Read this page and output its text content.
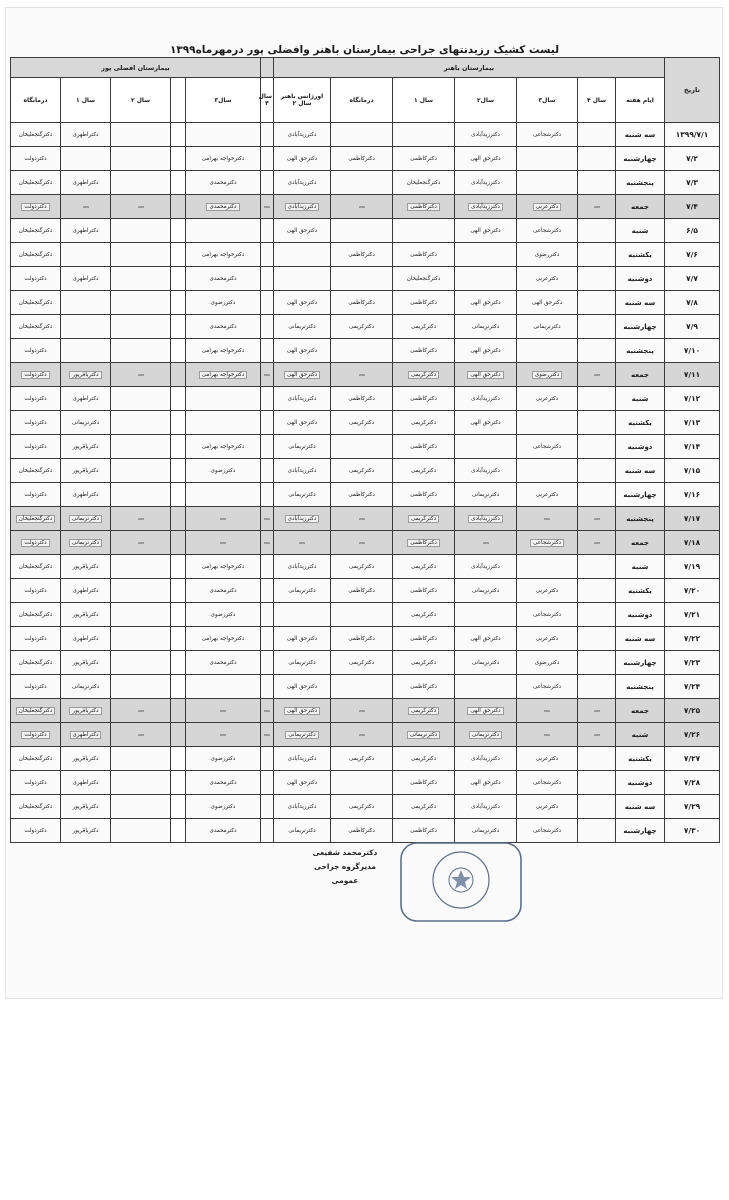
لیست کشیک رزیدنتهای جراحی بیمارستان باهنر وافضلی پور درمهرماه۱۳۹۹
تاریخ	بیمارستان باهنر								بیمارستان افضلی پور				
	ایام هفته	سال ۴	سال۳	سال۲	سال ۱	درمانگاه	اورژانس باهنر سال ۲	سال ۴	سال۳		سال ۲	سال ۱	درمانگاه
۱۳۹۹/۷/۱	سه شنبه		دکترشجاعی	دکترزیدآبادی			دکترزیدآبادی					دکتراطهری	دکترگنجعلیخان
۷/۲	چهارشنبه			دکترحق الهی	دکترکاظمی	دکترکاظمی	دکترحق الهی		دکترخواجه بهرامی				دکتردولت
۷/۳	پنجشنبه			دکترزیدآبادی	دکترگنجعلیخان		دکترزیدآبادی		دکترمحمدی			دکتراطهری	دکترگنجعلیخان
۷/۴	جمعه		دکترعربی	دکترزیدآبادی	دکترکاظمی		دکترزیدآبادی		دکترمحمدی				دکتردولت
۶/۵	شنبه		دکترشجاعی	دکترحق الهی			دکترحق الهی					دکتراطهری	دکترگنجعلیخان
۷/۶	یکشنبه		دکتررضوی		دکترکاظمی	دکترکاظمی			دکترخواجه بهرامی				دکترگنجعلیخان
۷/۷	دوشنبه		دکترعربی		دکترگنجعلیخان				دکترمحمدی			دکتراطهری	دکتردولت
۷/۸	سه شنبه		دکترحق الهی	دکترحق الهی	دکترکاظمی	دکترکاظمی	دکترحق الهی		دکتررضوی				دکترگنجعلیخان
۷/۹	چهارشنبه		دکترنریمانی	دکترنریمانی	دکترکریمی	دکترکریمی	دکترنریمانی		دکترمحمدی				دکترگنجعلیخان
۷/۱۰	پنجشنبه			دکترحق الهی	دکترکاظمی		دکترحق الهی		دکترخواجه بهرامی				دکتردولت
۷/۱۱	جمعه		دکتررضوی	دکترحق الهی	دکترکریمی		دکترحق الهی		دکترخواجه بهرامی			دکترباقرپور	دکتردولت
۷/۱۲	شنبه		دکترعربی	دکترزیدآبادی	دکترکاظمی	دکترکاظمی	دکترزیدآبادی					دکتراطهری	دکتردولت
۷/۱۳	یکشنبه			دکترحق الهی	دکترکریمی	دکترکریمی	دکترحق الهی					دکترنریمانی	دکتردولت
۷/۱۴	دوشنبه		دکترشجاعی		دکترکاظمی		دکترنریمانی		دکترخواجه بهرامی			دکترباقرپور	دکتردولت
۷/۱۵	سه شنبه			دکترزیدآبادی	دکترکریمی	دکترکریمی	دکترزیدآبادی		دکتررضوی			دکترباقرپور	دکترگنجعلیخان
۷/۱۶	چهارشنبه		دکترعربی	دکترنریمانی	دکترکاظمی	دکترکاظمی	دکترنریمانی					دکتراطهری	دکتردولت
۷/۱۷	پنجشنبه			دکترزیدآبادی	دکترکریمی		دکترزیدآبادی					دکترنریمانی	دکترگنجعلیخان
۷/۱۸	جمعه		دکترشجاعی		دکترکاظمی							دکترنریمانی	دکتردولت
۷/۱۹	شنبه			دکترزیدآبادی	دکترکریمی	دکترکریمی	دکترزیدآبادی		دکترخواجه بهرامی			دکترباقرپور	دکترگنجعلیخان
۷/۲۰	یکشنبه		دکترعربی	دکترنریمانی	دکترکاظمی	دکترکاظمی	دکترنریمانی		دکترمحمدی			دکتراطهری	دکتردولت
۷/۲۱	دوشنبه		دکترشجاعی		دکترکریمی				دکتررضوی			دکترباقرپور	دکترگنجعلیخان
۷/۲۲	سه شنبه		دکترعربی	دکترحق الهی	دکترکاظمی	دکترکاظمی	دکترحق الهی		دکترخواجه بهرامی			دکتراطهری	دکتردولت
۷/۲۳	چهارشنبه		دکتررضوی	دکترنریمانی	دکترکریمی	دکترکریمی	دکترنریمانی		دکترمحمدی			دکترباقرپور	دکترگنجعلیخان
۷/۲۴	پنجشنبه		دکترشجاعی		دکترکاظمی		دکترحق الهی					دکترنریمانی	دکتردولت
۷/۲۵	جمعه			دکترحق الهی	دکترکریمی		دکترحق الهی					دکترباقرپور	دکترگنجعلیخان
۷/۲۶	شنبه			دکترنریمانی	دکترنریمانی		دکترنریمانی					دکتراطهری	دکتردولت
۷/۲۷	یکشنبه		دکترعربی	دکترزیدآبادی	دکترکریمی	دکترکریمی	دکترزیدآبادی		دکتررضوی			دکترباقرپور	دکترگنجعلیخان
۷/۲۸	دوشنبه		دکترشجاعی	دکترحق الهی	دکترکاظمی		دکترحق الهی		دکترمحمدی			دکتراطهری	دکتردولت
۷/۲۹	سه شنبه		دکترعربی	دکترزیدآبادی	دکترکریمی	دکترکریمی	دکترزیدآبادی		دکتررضوی			دکترباقرپور	دکترگنجعلیخان
۷/۳۰	چهارشنبه		دکترشجاعی	دکترنریمانی	دکترکاظمی	دکترکاظمی	دکترنریمانی		دکترمحمدی			دکترباقرپور	دکتردولت
دکترمحمد شفیعی
مدیرگروه جراحی عمومی
